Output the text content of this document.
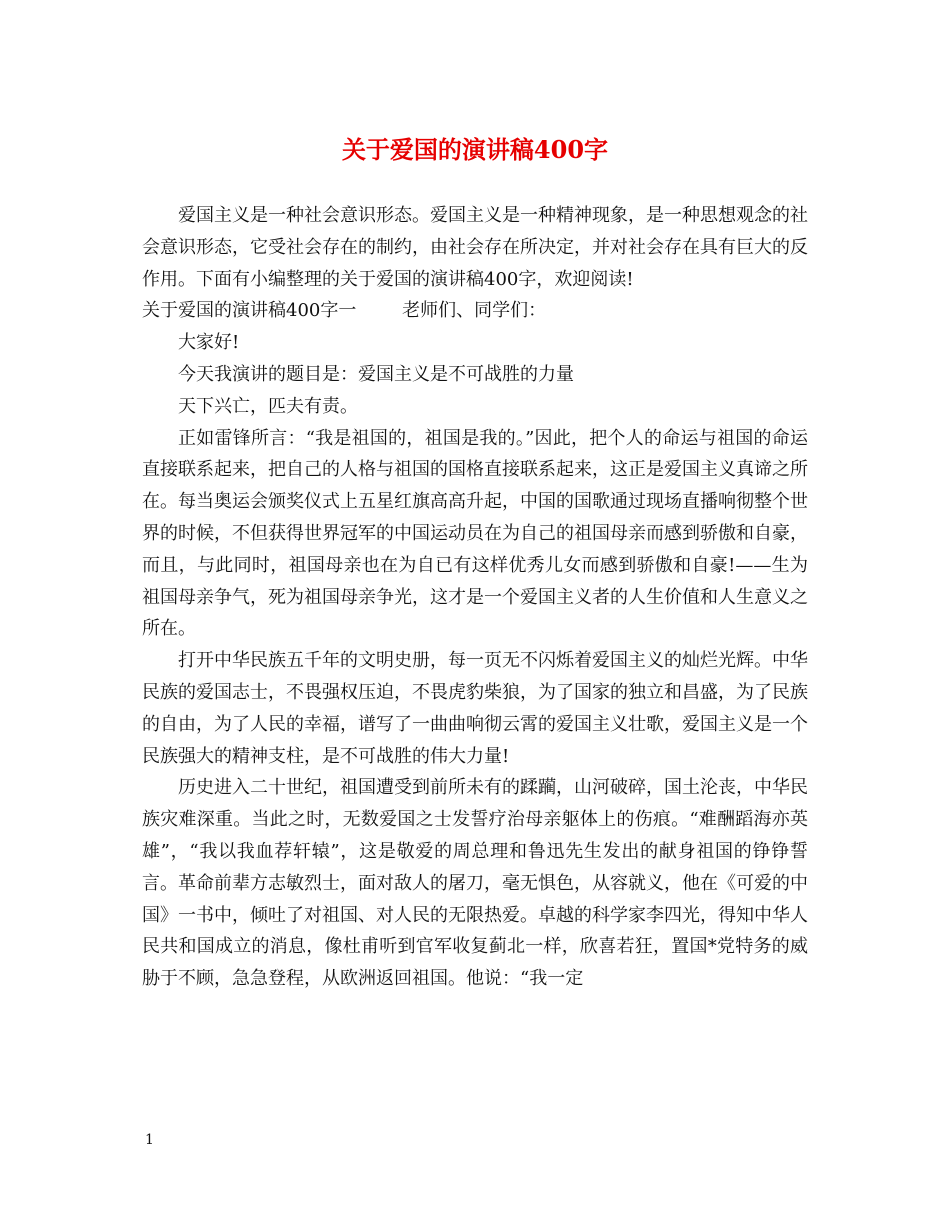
关于爱国的演讲稿400字

爱国主义是一种社会意识形态。爱国主义是一种精神现象，是一种思想观念的社会意识形态，它受社会存在的制约，由社会存在所决定，并对社会存在具有巨大的反作用。下面有小编整理的关于爱国的演讲稿400字，欢迎阅读!

关于爱国的演讲稿400字一        老师们、同学们：

大家好!

今天我演讲的题目是：爱国主义是不可战胜的力量

天下兴亡，匹夫有责。

正如雷锋所言：“我是祖国的，祖国是我的。”因此，把个人的命运与祖国的命运直接联系起来，把自己的人格与祖国的国格直接联系起来，这正是爱国主义真谛之所在。每当奥运会颁奖仪式上五星红旗高高升起，中国的国歌通过现场直播响彻整个世界的时候，不但获得世界冠军的中国运动员在为自己的祖国母亲而感到骄傲和自豪，而且，与此同时，祖国母亲也在为自已有这样优秀儿女而感到骄傲和自豪!——生为祖国母亲争气，死为祖国母亲争光，这才是一个爱国主义者的人生价值和人生意义之所在。

打开中华民族五千年的文明史册，每一页无不闪烁着爱国主义的灿烂光辉。中华民族的爱国志士，不畏强权压迫，不畏虎豹柴狼，为了国家的独立和昌盛，为了民族的自由，为了人民的幸福，谱写了一曲曲响彻云霄的爱国主义壮歌，爱国主义是一个民族强大的精神支柱，是不可战胜的伟大力量!

历史进入二十世纪，祖国遭受到前所未有的蹂躏，山河破碎，国土沦丧，中华民族灾难深重。当此之时，无数爱国之士发誓疗治母亲躯体上的伤痕。“难酬蹈海亦英雄”，“我以我血荐轩辕”，这是敬爱的周总理和鲁迅先生发出的献身祖国的铮铮誓言。革命前辈方志敏烈士，面对敌人的屠刀，毫无惧色，从容就义，他在《可爱的中国》一书中，倾吐了对祖国、对人民的无限热爱。卓越的科学家李四光，得知中华人民共和国成立的消息，像杜甫听到官军收复蓟北一样，欣喜若狂，置国*党特务的威胁于不顾，急急登程，从欧洲返回祖国。他说：“我一定

1
